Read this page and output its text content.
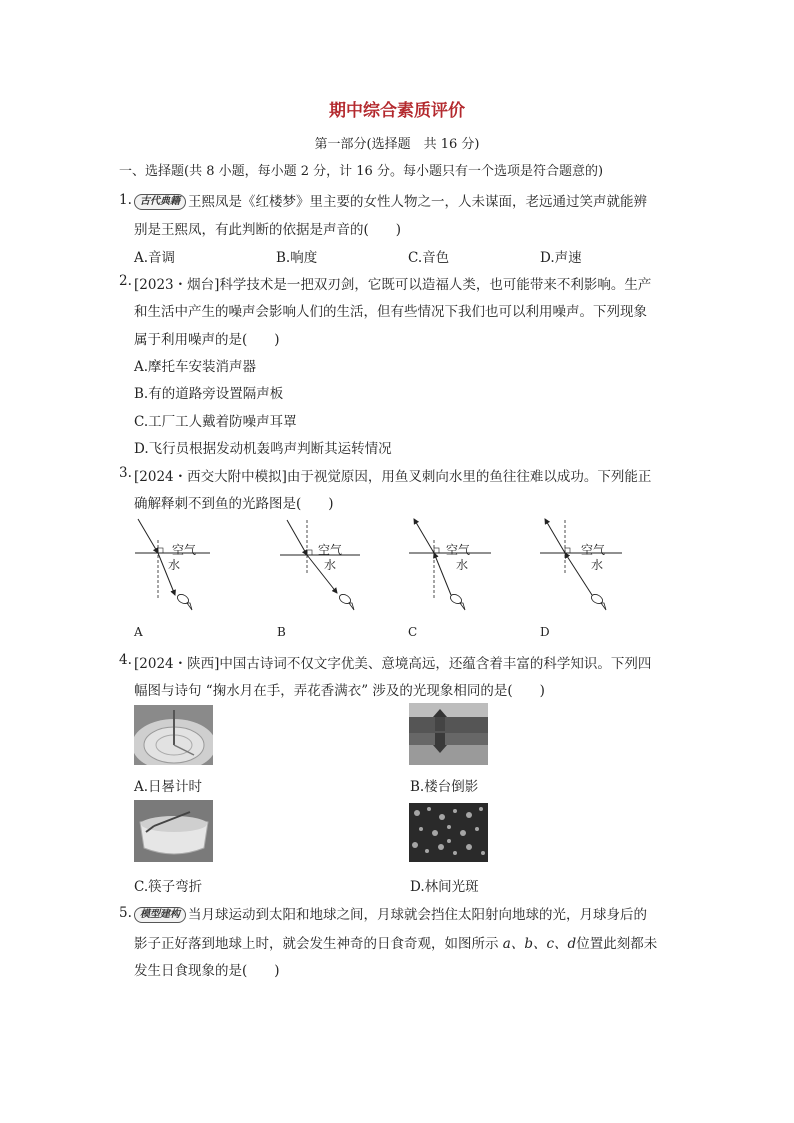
期中综合素质评价
第一部分(选择题　共 16 分)
一、选择题(共 8 小题，每小题 2 分，计 16 分。每小题只有一个选项是符合题意的)
1. 古代典籍 王熙凤是《红楼梦》里主要的女性人物之一，人未谋面，老远通过笑声就能辨
别是王熙凤，有此判断的依据是声音的(　　)
A.音调	B.响度	C.音色	D.声速
2. [2023・烟台]科学技术是一把双刃剑，它既可以造福人类，也可能带来不利影响。生产
和生活中产生的噪声会影响人们的生活，但有些情况下我们也可以利用噪声。下列现象
属于利用噪声的是(　　)
A.摩托车安装消声器
B.有的道路旁设置隔声板
C.工厂工人戴着防噪声耳罩
D.飞行员根据发动机轰鸣声判断其运转情况
3. [2024・西交大附中模拟]由于视觉原因，用鱼叉刺向水里的鱼往往难以成功。下列能正
确解释刺不到鱼的光路图是(　　)
空气
水
A
空气
水
B
空气
水
C
空气
水
D
4. [2024・陕西]中国古诗词不仅文字优美、意境高远，还蕴含着丰富的科学知识。下列四
幅图与诗句 “掬水月在手，弄花香满衣” 涉及的光现象相同的是(　　)
A.日晷计时	B.楼台倒影
C.筷子弯折	D.林间光斑
5. 模型建构 当月球运动到太阳和地球之间，月球就会挡住太阳射向地球的光，月球身后的
影子正好落到地球上时，就会发生神奇的日食奇观，如图所示 a、b、c、d位置此刻都未
发生日食现象的是(　　)
